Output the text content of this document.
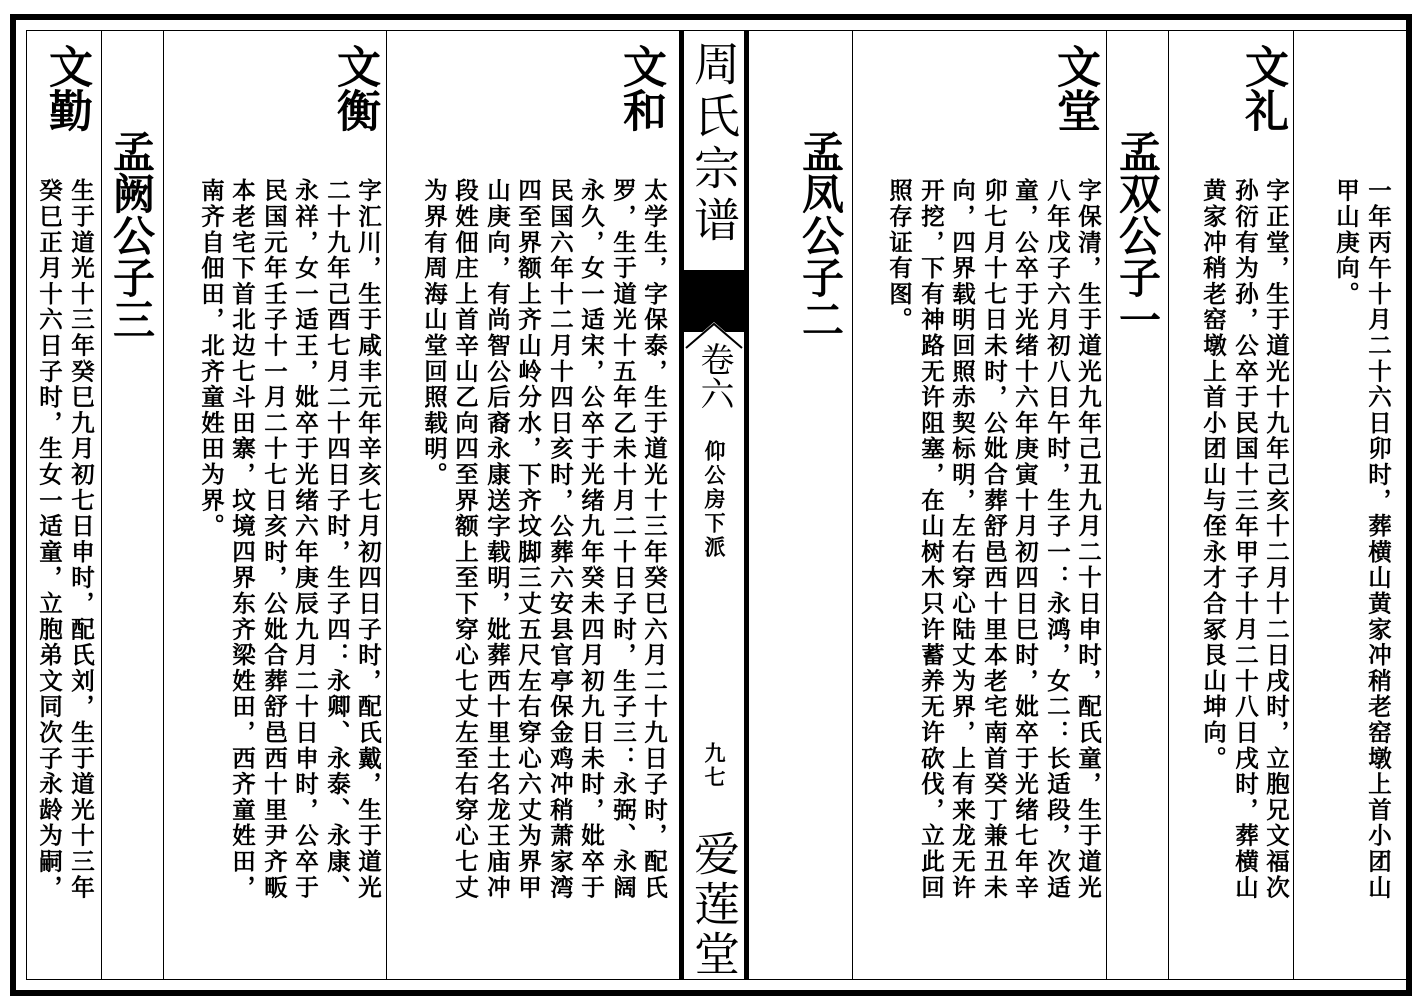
周氏宗谱
卷六
仰公房下派
九七
爱莲堂
一年丙午十月二十六日卯时，葬横山黄家冲稍老窑墩上首小团山
甲山庚向。
文礼
字正堂，生于道光十九年己亥十二月十二日戌时，立胞兄文福次
孙衍有为孙，公卒于民国十三年甲子十月二十八日戌时，葬横山
黄家冲稍老窑墩上首小团山与侄永才合冢艮山坤向。
孟双公子一
文堂
字保清，生于道光九年己丑九月二十日申时，配氏童，生于道光
八年戊子六月初八日午时，生子一：永鸿，女二：长适段，次适
童，公卒于光绪十六年庚寅十月初四日巳时，妣卒于光绪七年辛
卯七月十七日未时，公妣合葬舒邑西十里本老宅南首癸丁兼丑未
向，四界载明回照赤契标明，左右穿心陆丈为界，上有来龙无许
开挖，下有神路无许阻塞，在山树木只许蓄养无许砍伐，立此回
照存证有图。
孟凤公子二
文和
太学生，字保泰，生于道光十三年癸巳六月二十九日子时，配氏
罗，生于道光十五年乙未十月二十日子时，生子三：永弼、永阔
永久，女一适宋，公卒于光绪九年癸未四月初九日未时，妣卒于
民国六年十二月十四日亥时，公葬六安县官亭保金鸡冲稍萧家湾
四至界额上齐山岭分水，下齐坟脚三丈五尺左右穿心六丈为界甲
山庚向，有尚智公后裔永康送字载明，妣葬西十里土名龙王庙冲
段姓佃庄上首辛山乙向四至界额上至下穿心七丈左至右穿心七丈
为界有周海山堂回照载明。
文衡
字汇川，生于咸丰元年辛亥七月初四日子时，配氏戴，生于道光
二十九年己酉七月二十四日子时，生子四：永卿、永泰、永康、
永祥，女一适王，妣卒于光绪六年庚辰九月二十日申时，公卒于
民国元年壬子十一月二十七日亥时，公妣合葬舒邑西十里尹齐畈
本老宅下首北边七斗田寨，坟境四界东齐梁姓田，西齐童姓田，
南齐自佃田，北齐童姓田为界。
孟阙公子三
文勤
生于道光十三年癸巳九月初七日申时，配氏刘，生于道光十三年
癸巳正月十六日子时，生女一适童，立胞弟文同次子永龄为嗣，
